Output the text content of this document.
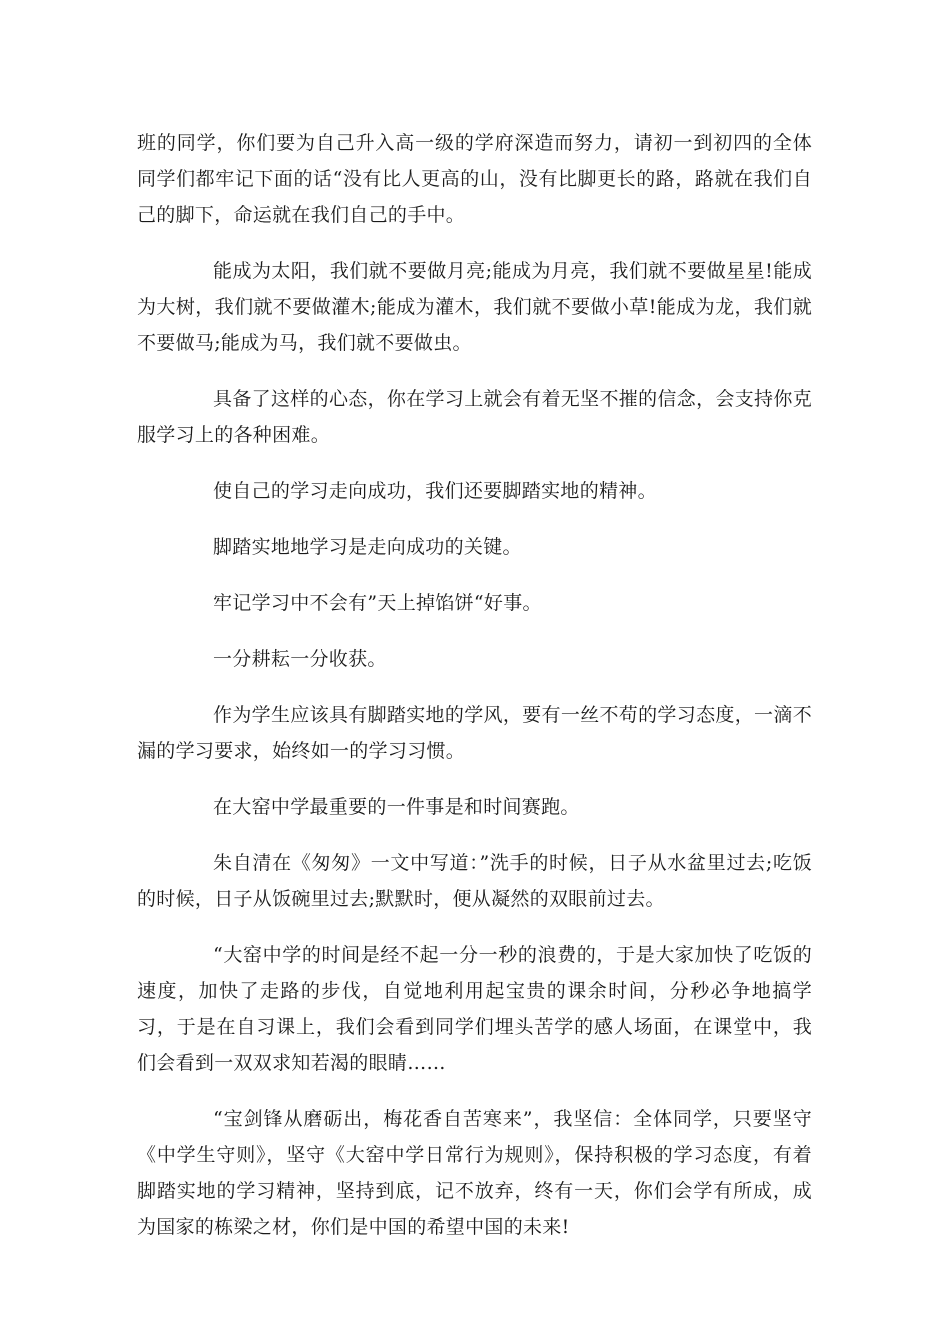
班的同学，你们要为自己升入高一级的学府深造而努力，请初一到初四的全体同学们都牢记下面的话“没有比人更高的山，没有比脚更长的路，路就在我们自己的脚下，命运就在我们自己的手中。

能成为太阳，我们就不要做月亮;能成为月亮，我们就不要做星星!能成为大树，我们就不要做灌木;能成为灌木，我们就不要做小草!能成为龙，我们就不要做马;能成为马，我们就不要做虫。

具备了这样的心态，你在学习上就会有着无坚不摧的信念，会支持你克服学习上的各种困难。

使自己的学习走向成功，我们还要脚踏实地的精神。

脚踏实地地学习是走向成功的关键。

牢记学习中不会有”天上掉馅饼“好事。

一分耕耘一分收获。

作为学生应该具有脚踏实地的学风，要有一丝不苟的学习态度，一滴不漏的学习要求，始终如一的学习习惯。

在大窑中学最重要的一件事是和时间赛跑。

朱自清在《匆匆》一文中写道：”洗手的时候，日子从水盆里过去;吃饭的时候，日子从饭碗里过去;默默时，便从凝然的双眼前过去。

“大窑中学的时间是经不起一分一秒的浪费的，于是大家加快了吃饭的速度，加快了走路的步伐，自觉地利用起宝贵的课余时间，分秒必争地搞学习，于是在自习课上，我们会看到同学们埋头苦学的感人场面，在课堂中，我们会看到一双双求知若渴的眼睛……

“宝剑锋从磨砺出，梅花香自苦寒来”，我坚信：全体同学，只要坚守《中学生守则》，坚守《大窑中学日常行为规则》，保持积极的学习态度，有着脚踏实地的学习精神，坚持到底，记不放弃，终有一天，你们会学有所成，成为国家的栋梁之材，你们是中国的希望中国的未来!
